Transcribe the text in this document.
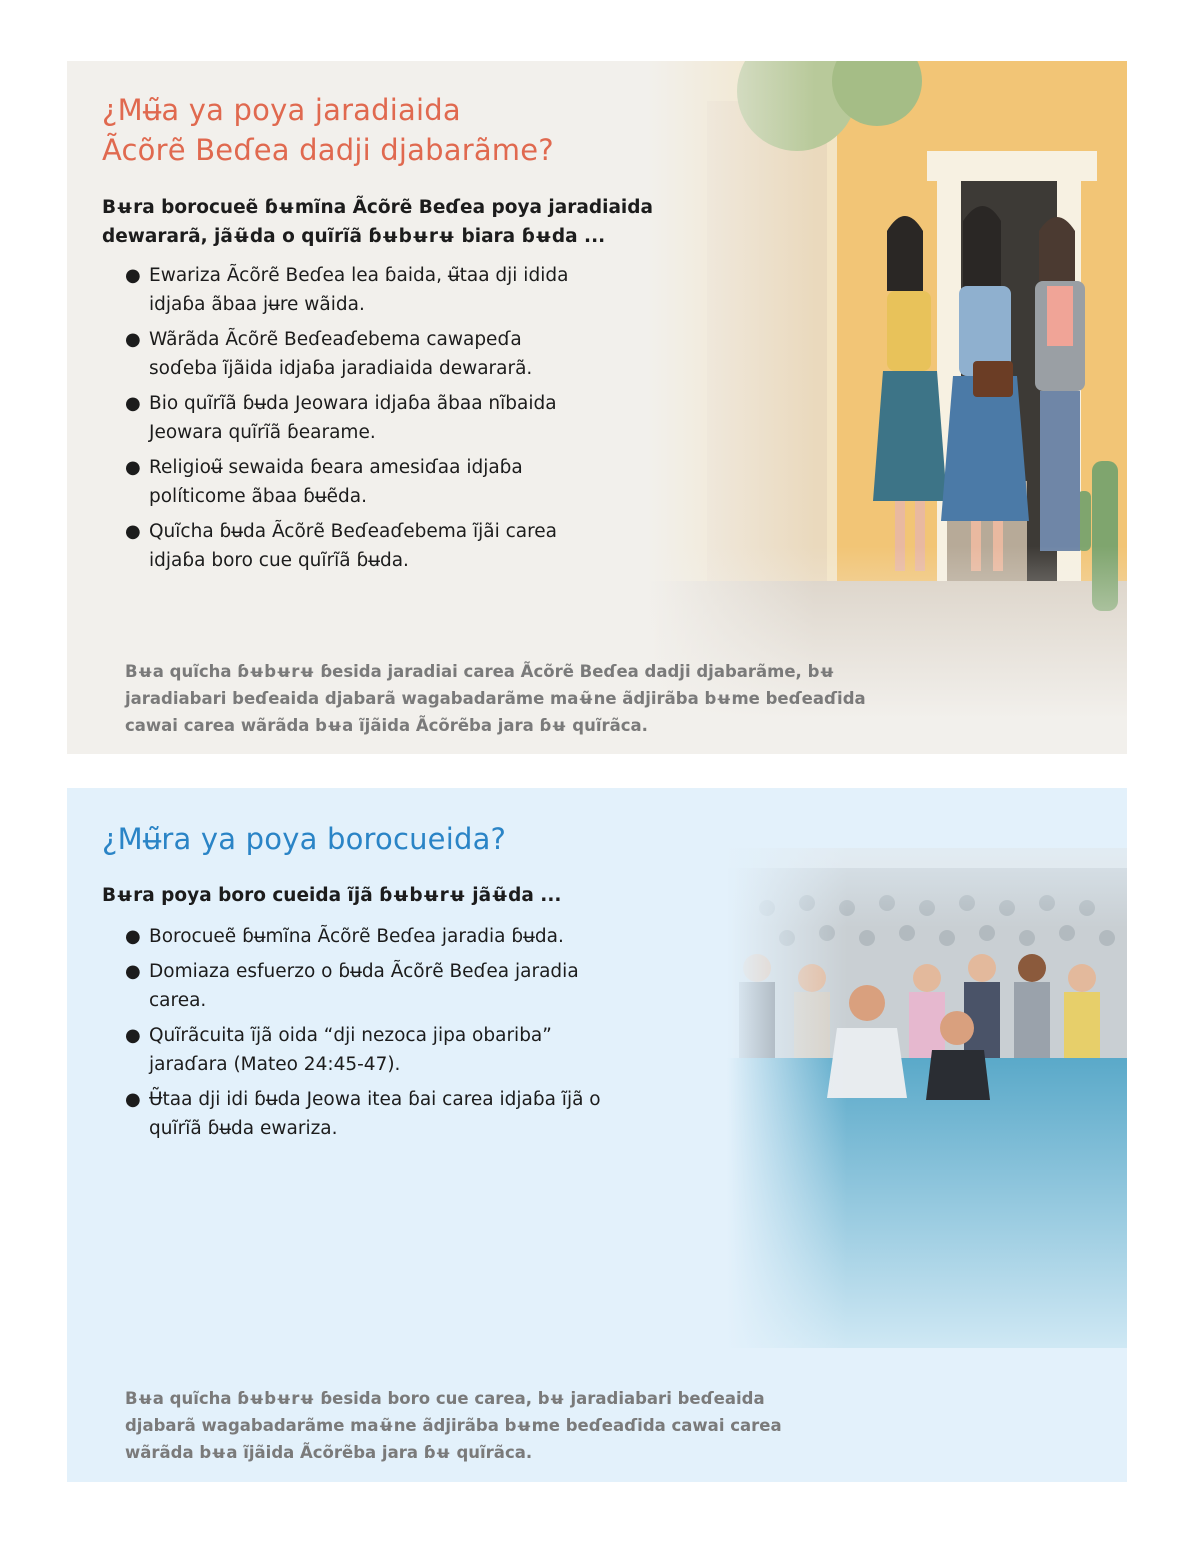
¿Mʉ̃a ya poya jaradiaida
Ãcõrẽ Beɗea dadji djabarãme?

Bʉra borocueẽ ɓʉmĩna Ãcõrẽ Beɗea poya jaradiaida dewararã, jãʉ̃da o quĩrĩã ɓʉbʉrʉ biara ɓʉda ...

● Ewariza Ãcõrẽ Beɗea lea ɓaida, ʉ̃taa dji idida idjaɓa ãbaa jʉre wãida.
● Wãrãda Ãcõrẽ Beɗeaɗebema cawapeɗa soɗeba ĩjãida idjaɓa jaradiaida dewararã.
● Bio quĩrĩã ɓʉda Jeowara idjaɓa ãbaa nĩbaida Jeowara quĩrĩã ɓearame.
● Religioʉ̃ sewaida ɓeara amesiɗaa idjaɓa políticome ãbaa ɓʉẽda.
● Quĩcha ɓʉda Ãcõrẽ Beɗeaɗebema ĩjãi carea idjaɓa boro cue quĩrĩã ɓʉda.

Bʉa quĩcha ɓʉbʉrʉ ɓesida jaradiai carea Ãcõrẽ Beɗea dadji djabarãme, bʉ jaradiabari beɗeaida djabarã wagabadarãme maʉ̃ne ãdjirãba bʉme beɗeaɗida cawai carea wãrãda bʉa ĩjãida Ãcõrẽba jara ɓʉ quĩrãca.

¿Mʉ̃ra ya poya borocueida?

Bʉra poya boro cueida ĩjã ɓʉbʉrʉ jãʉ̃da ...

● Borocueẽ ɓʉmĩna Ãcõrẽ Beɗea jaradia ɓʉda.
● Domiaza esfuerzo o ɓʉda Ãcõrẽ Beɗea jaradia carea.
● Quĩrãcuita ĩjã oida “dji nezoca jipa obariba” jaraɗara (Mateo 24:45-47).
● Ʉ̃taa dji idi ɓʉda Jeowa itea ɓai carea idjaɓa ĩjã o quĩrĩã ɓʉda ewariza.

Bʉa quĩcha ɓʉbʉrʉ ɓesida boro cue carea, bʉ jaradiabari beɗeaida djabarã wagabadarãme maʉ̃ne ãdjirãba bʉme beɗeaɗida cawai carea wãrãda bʉa ĩjãida Ãcõrẽba jara ɓʉ quĩrãca.
